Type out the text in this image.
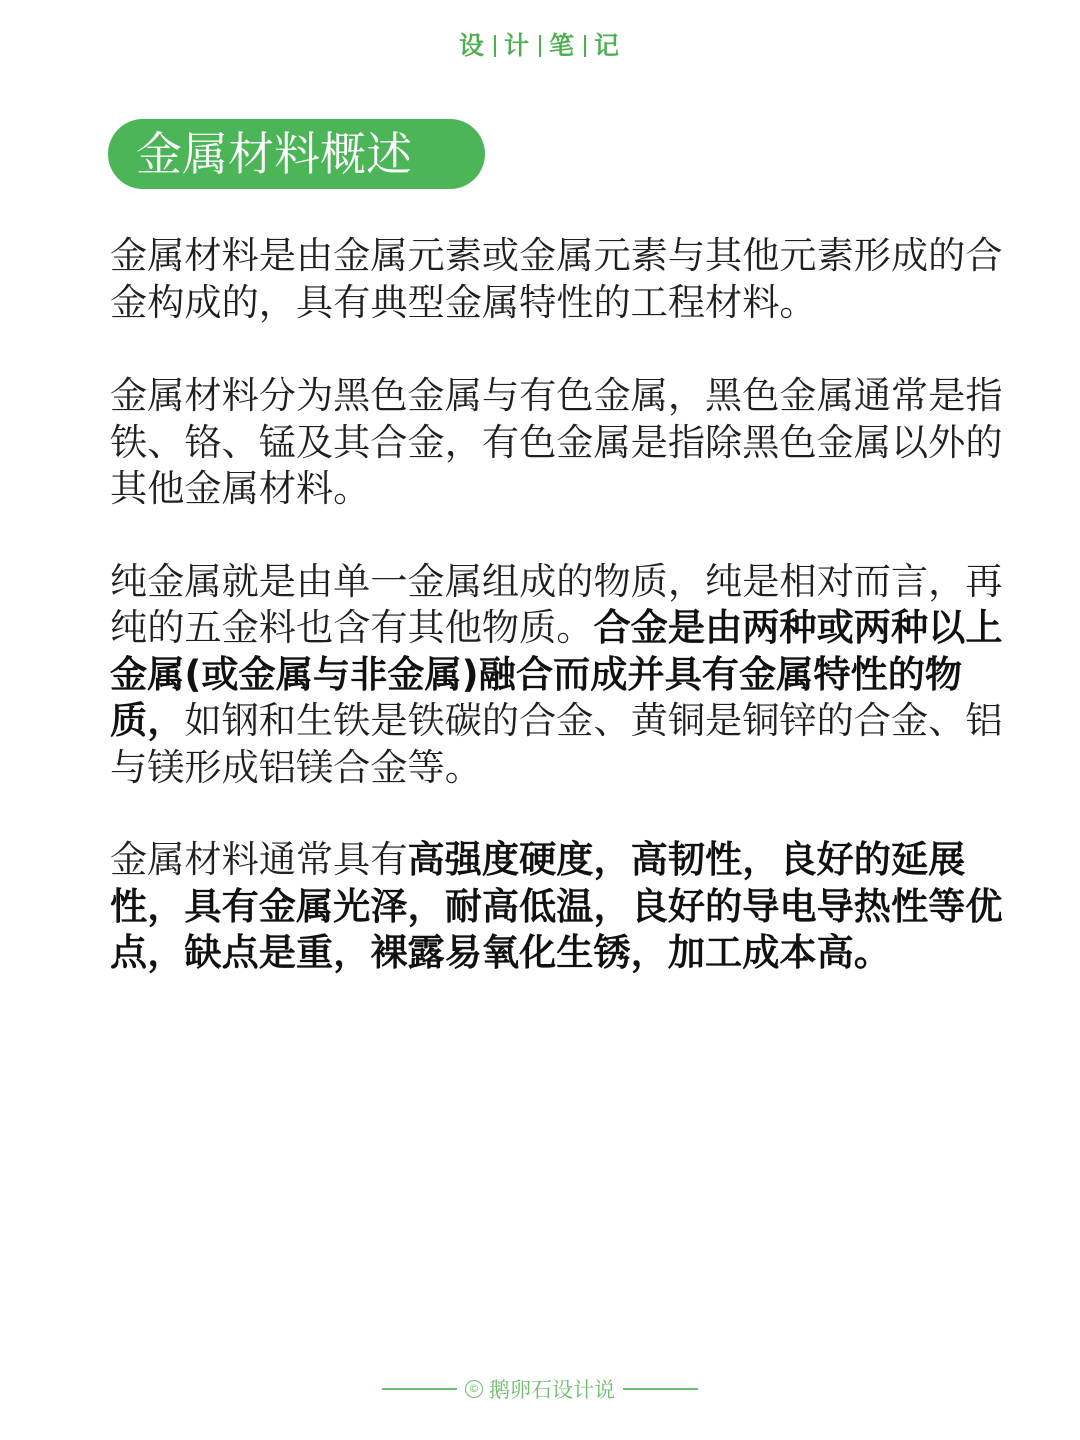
设 计 笔 记
金属材料概述

金属材料是由金属元素或金属元素与其他元素形成的合金构成的，具有典型金属特性的工程材料。

金属材料分为黑色金属与有色金属，黑色金属通常是指铁、铬、锰及其合金，有色金属是指除黑色金属以外的其他金属材料。

纯金属就是由单一金属组成的物质，纯是相对而言，再纯的五金料也含有其他物质。合金是由两种或两种以上金属(或金属与非金属)融合而成并具有金属特性的物质，如钢和生铁是铁碳的合金、黄铜是铜锌的合金、铝与镁形成铝镁合金等。

金属材料通常具有高强度硬度，高韧性，良好的延展性，具有金属光泽，耐高低温，良好的导电导热性等优点，缺点是重，裸露易氧化生锈，加工成本高。

© 鹅卵石设计说
